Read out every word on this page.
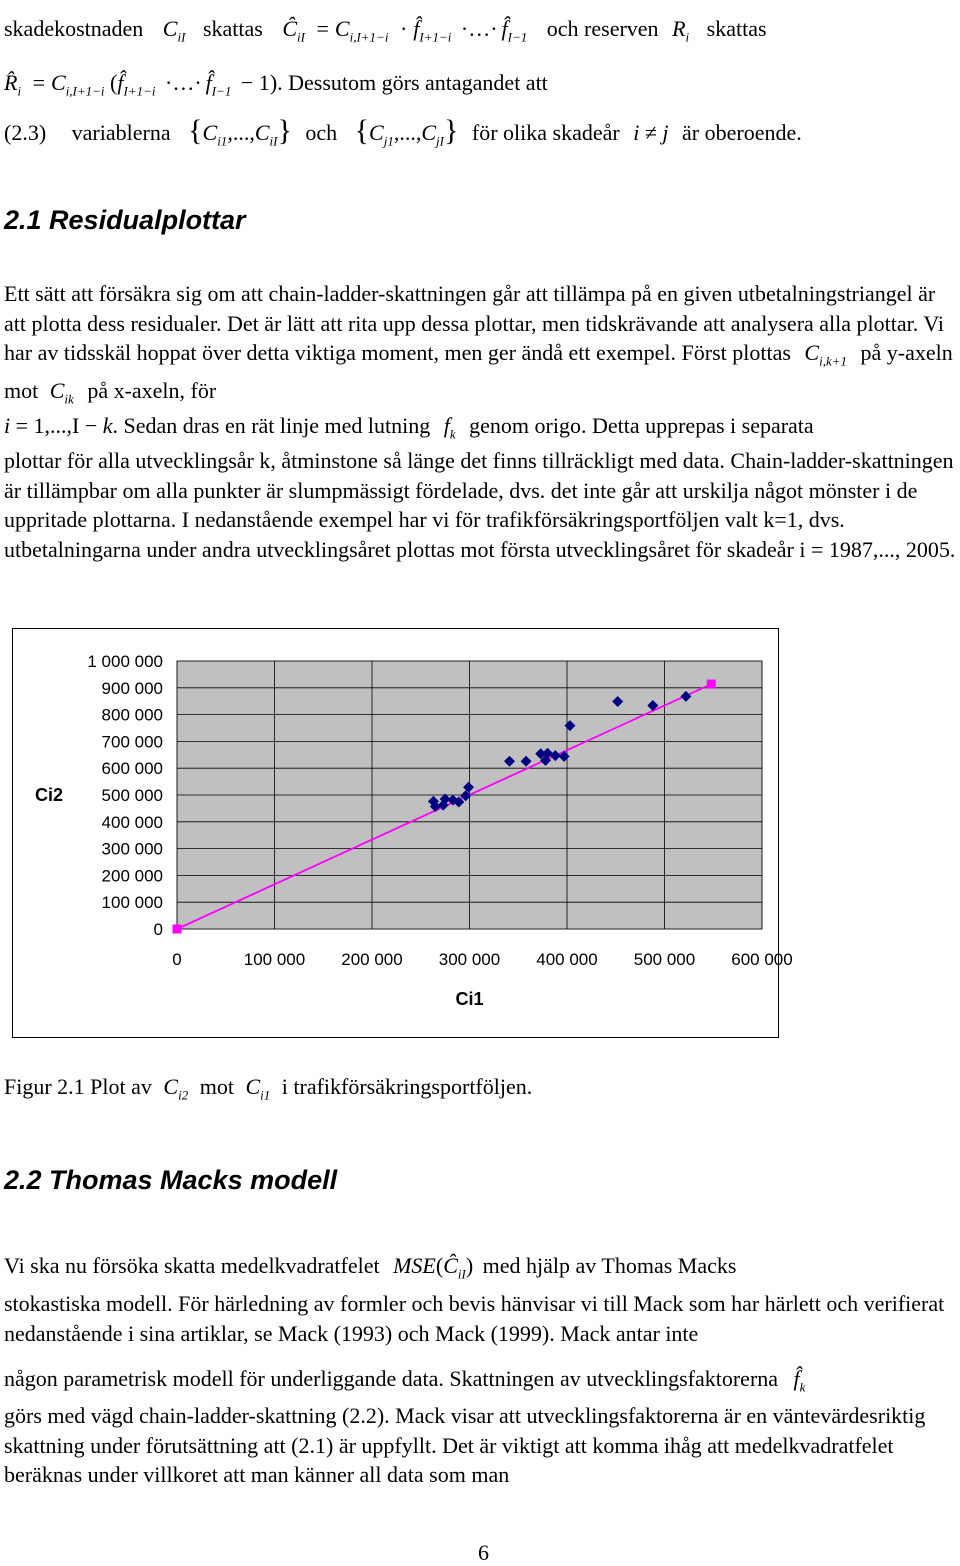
skadekostnaden $C_{iI}$ skattas $Ĉ_{iI} = C_{i,I+1-i}$ · $f̂_{I+1-i}$ ·…· $f̂_{I-1}$ och reserven $R_i$ skattas
$R̂_i = C_{i,I+1-i}$ ($f̂_{I+1-i}$ ·…· $f̂_{I-1} - 1$). Dessutom görs antagandet att
(2.3) variablerna $\{C_{i1},...,C_{iI}\}$ och $\{C_{j1},...,C_{jI}\}$ för olika skadeår i ≠ j är oberoende.
2.1 Residualplottar
Ett sätt att försäkra sig om att chain-ladder-skattningen går att tillämpa på en given utbetalningstriangel är att plotta dess residualer. Det är lätt att rita upp dessa plottar, men tidskrävande att analysera alla plottar. Vi har av tidsskäl hoppat över detta viktiga moment, men ger ändå ett exempel. Först plottas $C_{i,k+1}$ på y-axeln mot $C_{ik}$ på x-axeln, för
i = 1,...,I − k. Sedan dras en rät linje med lutning $f_k$ genom origo. Detta upprepas i separata
plottar för alla utvecklingsår k, åtminstone så länge det finns tillräckligt med data. Chain-ladder-skattningen är tillämpbar om alla punkter är slumpmässigt fördelade, dvs. det inte går att urskilja något mönster i de uppritade plottarna. I nedanstående exempel har vi för trafikförsäkringsportföljen valt k=1, dvs. utbetalningarna under andra utvecklingsåret plottas mot första utvecklingsåret för skadeår i = 1987,..., 2005.
1 000 000
900 000
800 000
700 000
600 000
500 000
400 000
300 000
200 000
100 000
0
0	100 000 200 000 300 000 400 000 500 000 600 000
Ci2
Ci1
Figur 2.1 Plot av $C_{i2}$ mot $C_{i1}$ i trafikförsäkringsportföljen.
2.2 Thomas Macks modell
Vi ska nu försöka skatta medelkvadratfelet $MSE(Ĉ_{iI})$ med hjälp av Thomas Macks
stokastiska modell. För härledning av formler och bevis hänvisar vi till Mack som har härlett och verifierat nedanstående i sina artiklar, se Mack (1993) och Mack (1999). Mack antar inte
någon parametrisk modell för underliggande data. Skattningen av utvecklingsfaktorerna $f̂_k$
görs med vägd chain-ladder-skattning (2.2). Mack visar att utvecklingsfaktorerna är en väntevärdesriktig skattning under förutsättning att (2.1) är uppfyllt. Det är viktigt att komma ihåg att medelkvadratfelet beräknas under villkoret att man känner all data som man
6
